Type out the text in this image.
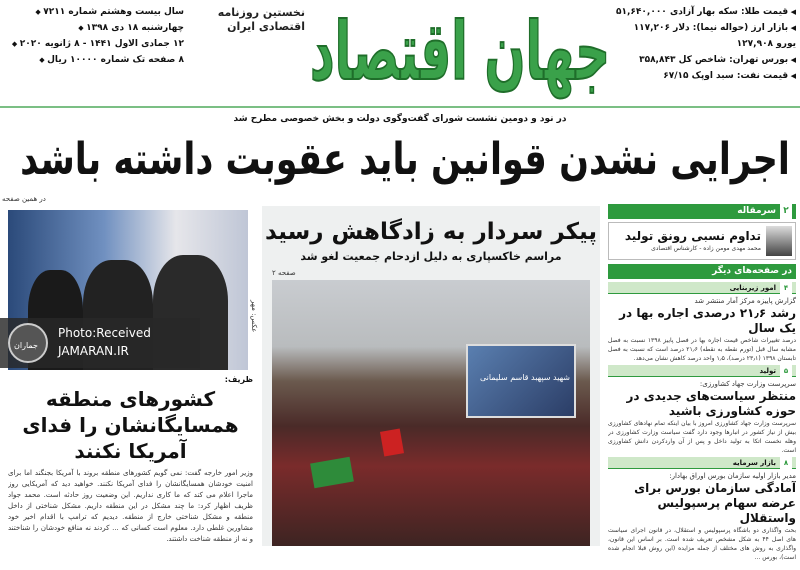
جهان اقتصاد
نخستین روزنامه اقتصادی ایران
سال بیست وهشتم شماره ۷۲۱۱ ◆
چهارشنبه ۱۸ دی ۱۳۹۸ ◆
۱۲ جمادی الاول ۱۴۴۱ - ۸ ژانویه ۲۰۲۰ ◆
۸ صفحه تک شماره ۱۰۰۰۰ ریال ◆
◀ قیمت طلا: سکه بهار آزادی ۵۱,۶۴۰,۰۰۰
◀ بازار ارز (حواله نیما): دلار ۱۱۷,۲۰۶ یورو ۱۲۷,۹۰۸
◀ بورس تهران: شاخص کل ۳۵۸,۸۴۳
◀ قیمت نفت: سبد اوپک ۶۷/۱۵
در نود و دومین نشست شورای گفت‌وگوی دولت و بخش خصوصی مطرح شد
اجرایی نشدن قوانین باید عقوبت داشته باشد
در همین صفحه
عکس: مهر
ظریف:
کشورهای منطقه همسایگانشان را فدای آمریکا نکنند
وزیر امور خارجه گفت: نمی گویم کشورهای منطقه بروند با آمریکا بجنگند اما برای امنیت خودشان همسایگانشان را فدای آمریکا نکنند. خواهید دید که آمریکایی روز ماجرا اعلام می کند که ما کاری نداریم. این وضعیت روز حادثه است. محمد جواد ظریف اظهار کرد: ما چند مشکل در این منطقه داریم. مشکل شناختی از داخل منطقه و مشکل شناختی خارج از منطقه. دیدیم که ترامپ با اقدام اخیر خود مشاورین غلطی دارد. معلوم است کسانی که ... کردند نه منافع خودشان را شناختند و نه از منطقه شناخت داشتند.
پیکر سردار به زادگاهش رسید
مراسم خاکسپاری به دلیل ازدحام جمعیت لغو شد
صفحه ۲
شهید سپهبد قاسم سلیمانی
۲سرمقاله
تداوم نسبی رونق تولید
محمد مهدی مومن زاده - کارشناس اقتصادی
در صفحه‌های دیگر
۴امور زیربنایی
گزارش پاییزه مرکز آمار منتشر شد
رشد ۲۱٫۶ درصدی اجاره بها در یک سال
درصد تغییرات شاخص قیمت اجاره بها در فصل پاییز ۱۳۹۸ نسبت به فصل مشابه سال قبل (تورم نقطه به نقطه) ۲۱٫۶ درصد است که نسبت به فصل تابستان ۱۳۹۸ (۲۳٫۱ درصد)، ۱٫۵ واحد درصد کاهش نشان می‌دهد.
۵تولید
سرپرست وزارت جهاد کشاورزی:
منتظر سیاست‌های جدیدی در حوزه کشاورزی باشید
سرپرست وزارت جهاد کشاورزی امروز با بیان اینکه تمام نهادهای کشاورزی بیش از نیاز کشور در انبارها وجود دارد گفت سیاست وزارت کشاورزی در وهله نخست اتکا به تولید داخل و پس از آن واردکردن دانش کشاورزی است.
۸بازار سرمایه
مدیر بازار اولیه سازمان بورس اوراق بهادار:
آمادگی سازمان بورس برای عرضه سهام پرسپولیس واستقلال
بحث واگذاری دو باشگاه پرسپولیس و استقلال، در قانون اجرای سیاست های اصل ۴۴ به شکل مشخص تعریف شده است. بر اساس این قانون، واگذاری به روش های مختلف از جمله مزایده (این روش قبلا انجام شده است)، بورس ...
جماران
Photo:Received
JAMARAN.IR
